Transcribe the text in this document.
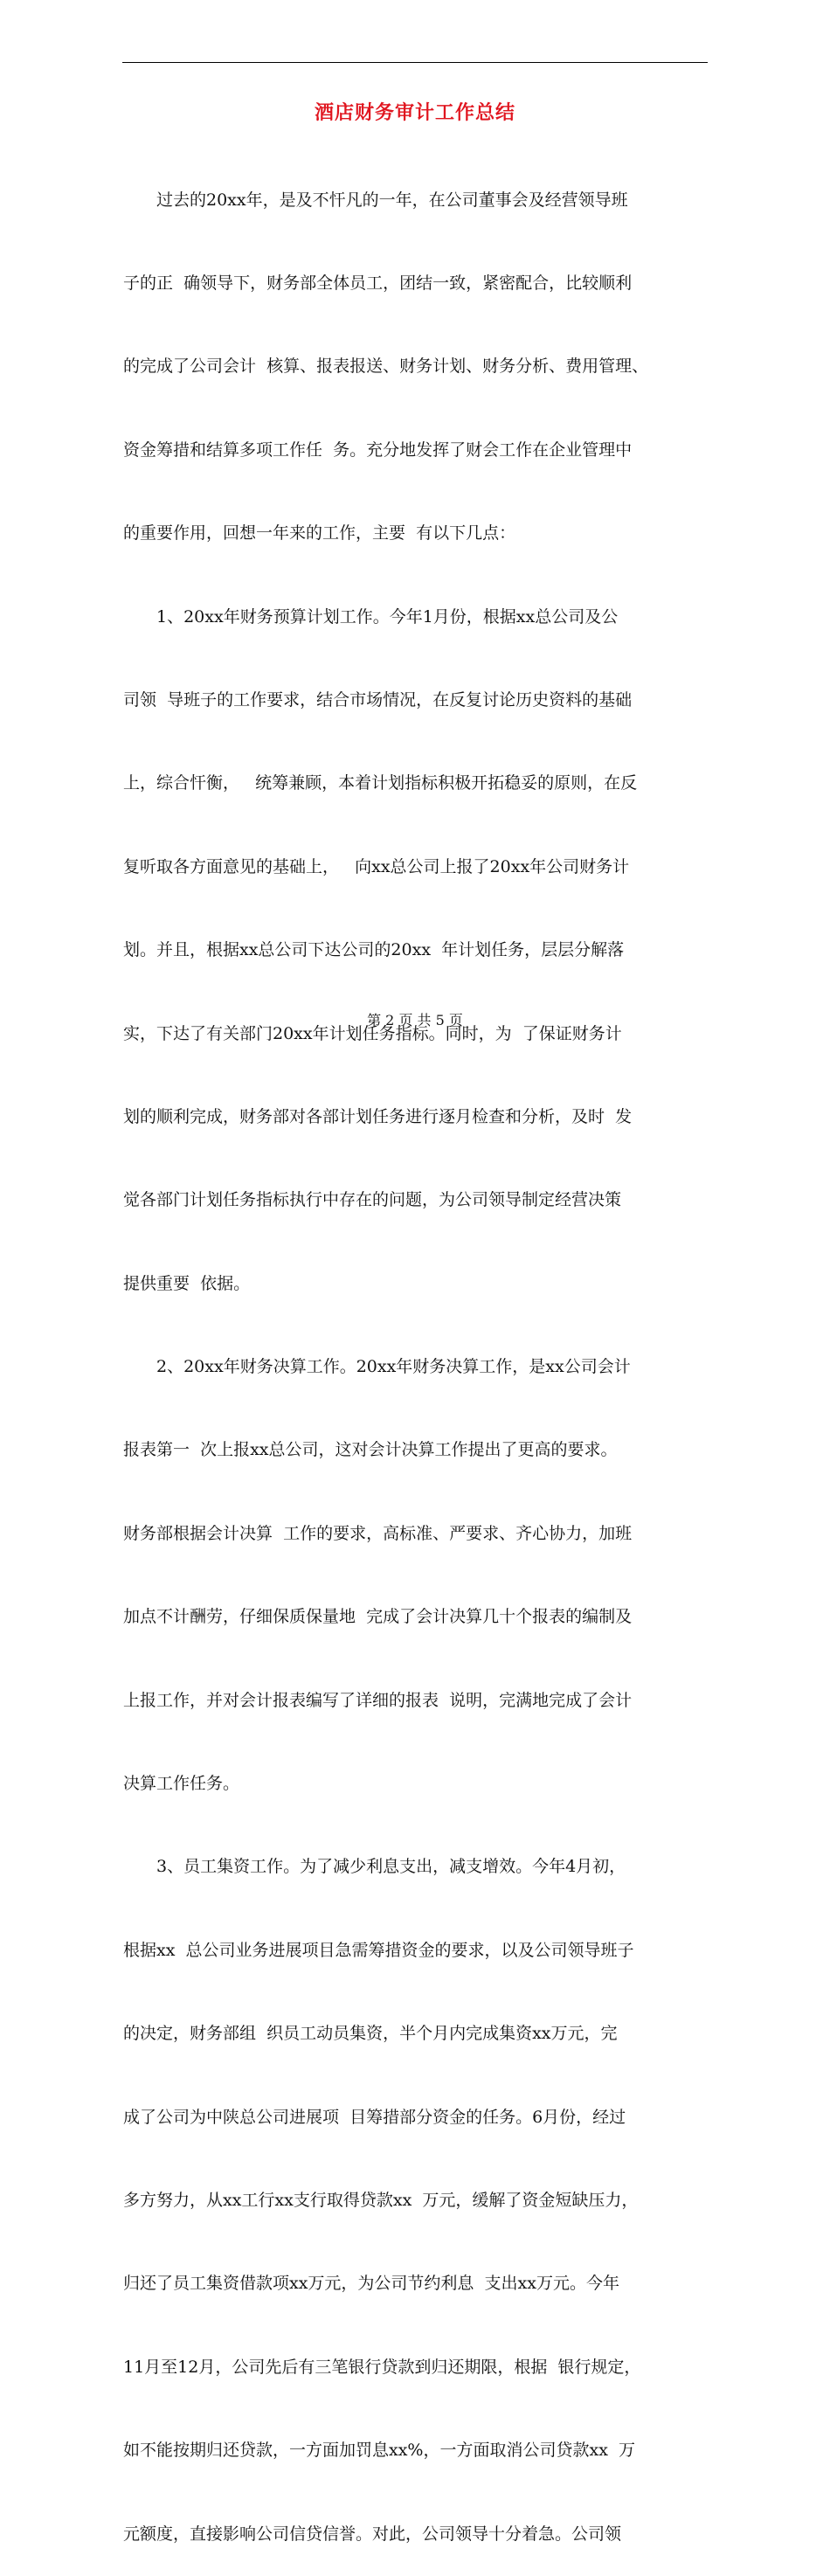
酒店财务审计工作总结

　　过去的20xx年，是及不忓凡的一年，在公司董事会及经营领导班

子的正  确领导下，财务部全体员工，团结一致，紧密配合，比较顺利

的完成了公司会计  核算、报表报送、财务计划、财务分析、费用管理、

资金筹措和结算多项工作任  务。充分地发挥了财会工作在企业管理中

的重要作用，回想一年来的工作，主要  有以下几点：

　　1、20xx年财务预算计划工作。今年1月份，根据xx总公司及公

司领  导班子的工作要求，结合市场情况，在反复讨论历史资料的基础

上，综合忓衡，   统筹兼顾，本着计划指标积极开拓稳妥的原则，在反

复听取各方面意见的基础上，   向xx总公司上报了20xx年公司财务计

划。并且，根据xx总公司下达公司的20xx  年计划任务，层层分解落

实，下达了有关部门20xx年计划任务指标。同时，为  了保证财务计

划的顺利完成，财务部对各部计划任务进行逐月检查和分析，及时  发

觉各部门计划任务指标执行中存在的问题，为公司领导制定经营决策

提供重要  依据。

　　2、20xx年财务决算工作。20xx年财务决算工作，是xx公司会计

报表第一  次上报xx总公司，这对会计决算工作提出了更高的要求。

财务部根据会计决算  工作的要求，高标准、严要求、齐心协力，加班

加点不计酬劳，仔细保质保量地  完成了会计决算几十个报表的编制及

上报工作，并对会计报表编写了详细的报表  说明，完满地完成了会计

决算工作任务。

　　3、员工集资工作。为了减少利息支出，减支增效。今年4月初，

根据xx  总公司业务进展项目急需筹措资金的要求，以及公司领导班子

的决定，财务部组  织员工动员集资，半个月内完成集资xx万元，完

成了公司为中陕总公司进展项  目筹措部分资金的任务。6月份，经过

多方努力，从xx工行xx支行取得贷款xx  万元，缓解了资金短缺压力，

归还了员工集资借款项xx万元，为公司节约利息  支出xx万元。今年

11月至12月，公司先后有三笔银行贷款到归还期限，根据  银行规定，

如不能按期归还贷款，一方面加罚息xx%，一方面取消公司贷款xx  万

元额度，直接影响公司信贷信誉。对此，公司领导十分着急。公司领

第 2 页 共 5 页
